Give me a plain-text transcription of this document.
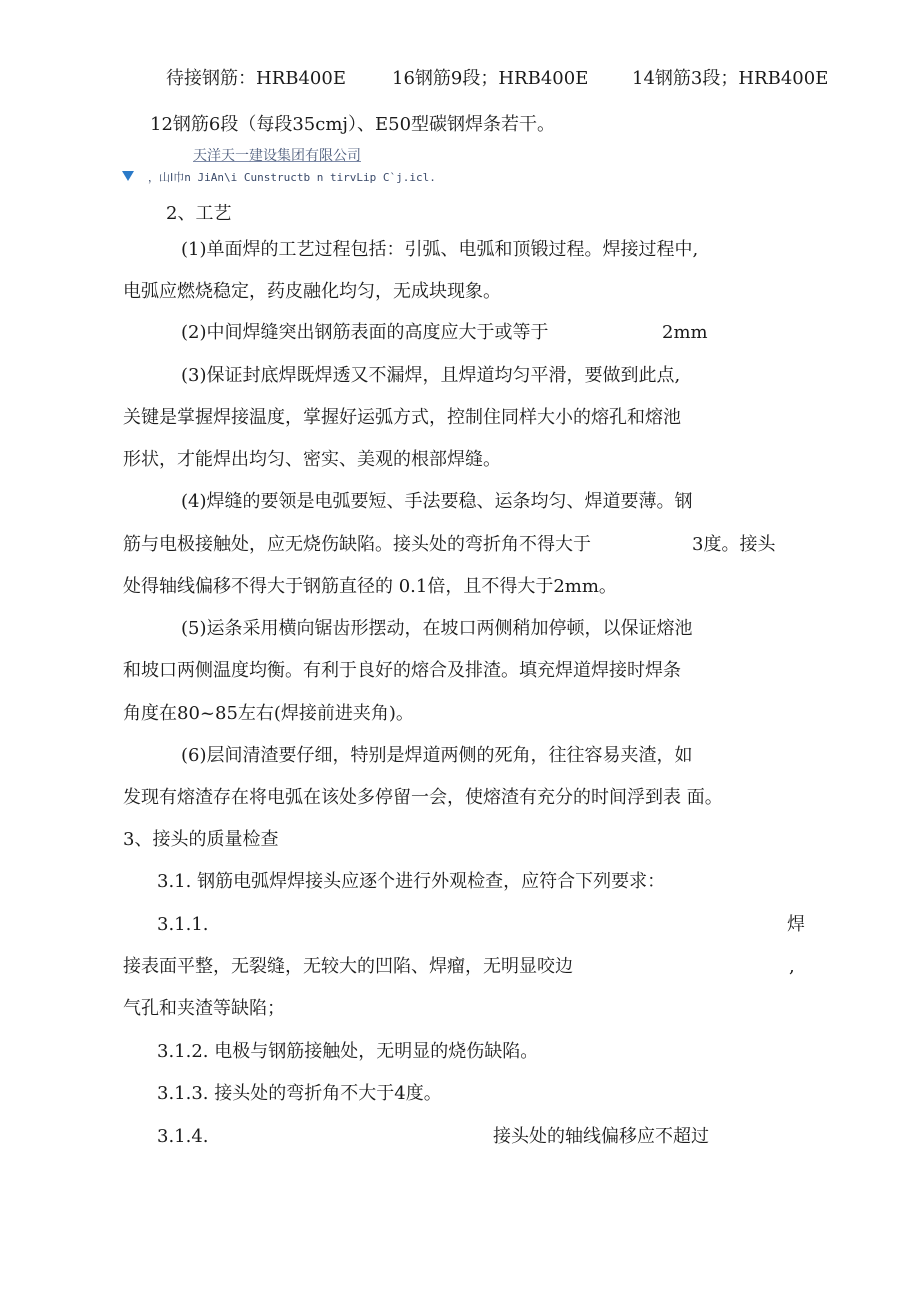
待接钢筋：HRB400E	16钢筋9段；HRB400E 14钢筋3段；HRB400E
12钢筋6段（每段35cmj）、E50型碳钢焊条若干。
天洋天一建设集团有限公司
，山Ⅰ巾n JiAn\i Cunstructb n tirvLip C`j.icl.
2、工艺
(1)单面焊的工艺过程包括：引弧、电弧和顶锻过程。焊接过程中,
电弧应燃烧稳定，药皮融化均匀，无成块现象。
(2)中间焊缝突出钢筋表面的高度应大于或等于	2mm
(3)保证封底焊既焊透又不漏焊，且焊道均匀平滑，要做到此点,
关键是掌握焊接温度，掌握好运弧方式，控制住同样大小的熔孔和熔池
形状，才能焊出均匀、密实、美观的根部焊缝。
(4)焊缝的要领是电弧要短、手法要稳、运条均匀、焊道要薄。钢
筋与电极接触处，应无烧伤缺陷。接头处的弯折角不得大于	3度。接头
处得轴线偏移不得大于钢筋直径的 0.1倍，且不得大于2mm。
(5)运条采用横向锯齿形摆动，在坡口两侧稍加停顿，以保证熔池
和坡口两侧温度均衡。有利于良好的熔合及排渣。填充焊道焊接时焊条
角度在80~85左右(焊接前进夹角)。
(6)层间清渣要仔细，特别是焊道两侧的死角，往往容易夹渣，如
发现有熔渣存在将电弧在该处多停留一会，使熔渣有充分的时间浮到表 面。
3、接头的质量检查
3.1. 钢筋电弧焊焊接头应逐个进行外观检查，应符合下列要求：
3.1.1.	焊
接表面平整，无裂缝，无较大的凹陷、焊瘤，无明显咬边	,
气孔和夹渣等缺陷；
3.1.2. 电极与钢筋接触处，无明显的烧伤缺陷。
3.1.3. 接头处的弯折角不大于4度。
3.1.4.	接头处的轴线偏移应不超过
